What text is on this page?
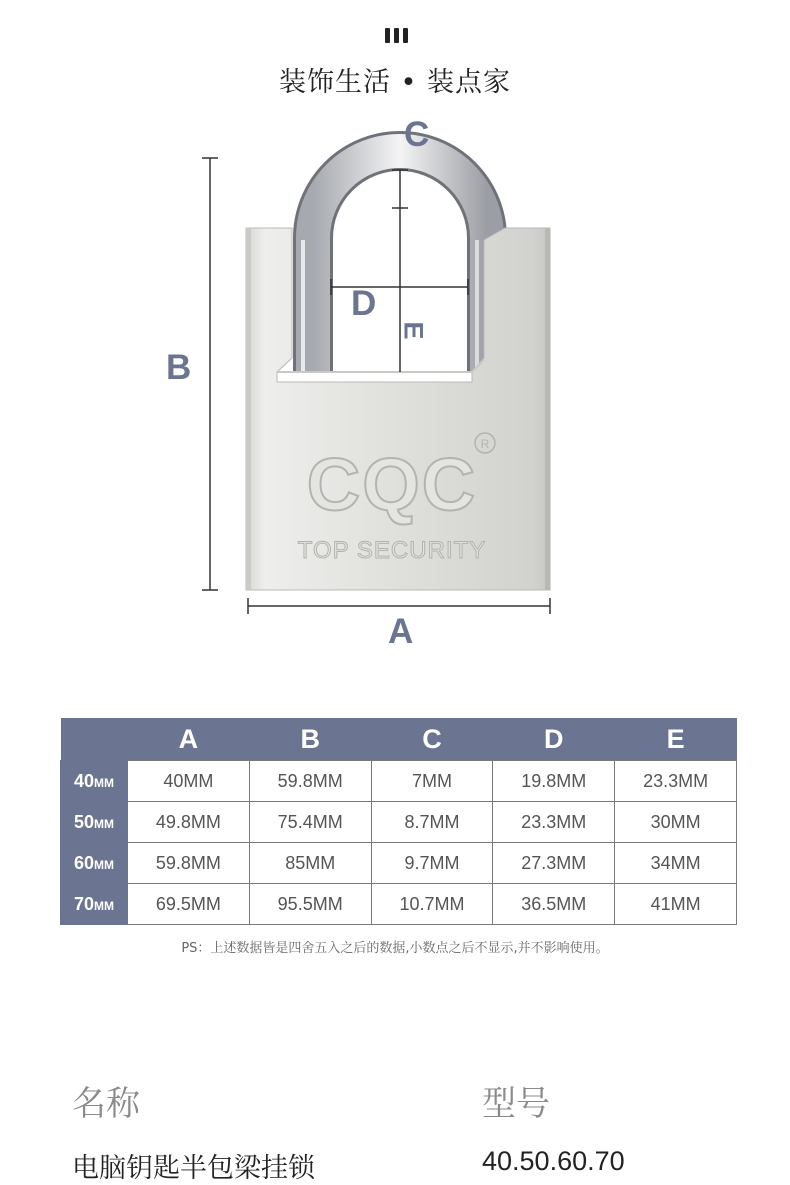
装饰生活 • 装点家
CQC R
TOP SECURITY
B
A
C
D
E
	A	B	C	D	E
40MM	40MM	59.8MM	7MM	19.8MM	23.3MM
50MM	49.8MM	75.4MM	8.7MM	23.3MM	30MM
60MM	59.8MM	85MM	9.7MM	27.3MM	34MM
70MM	69.5MM	95.5MM	10.7MM	36.5MM	41MM
PS：上述数据皆是四舍五入之后的数据,小数点之后不显示,并不影响使用。
名称	型号
电脑钥匙半包梁挂锁	40.50.60.70
